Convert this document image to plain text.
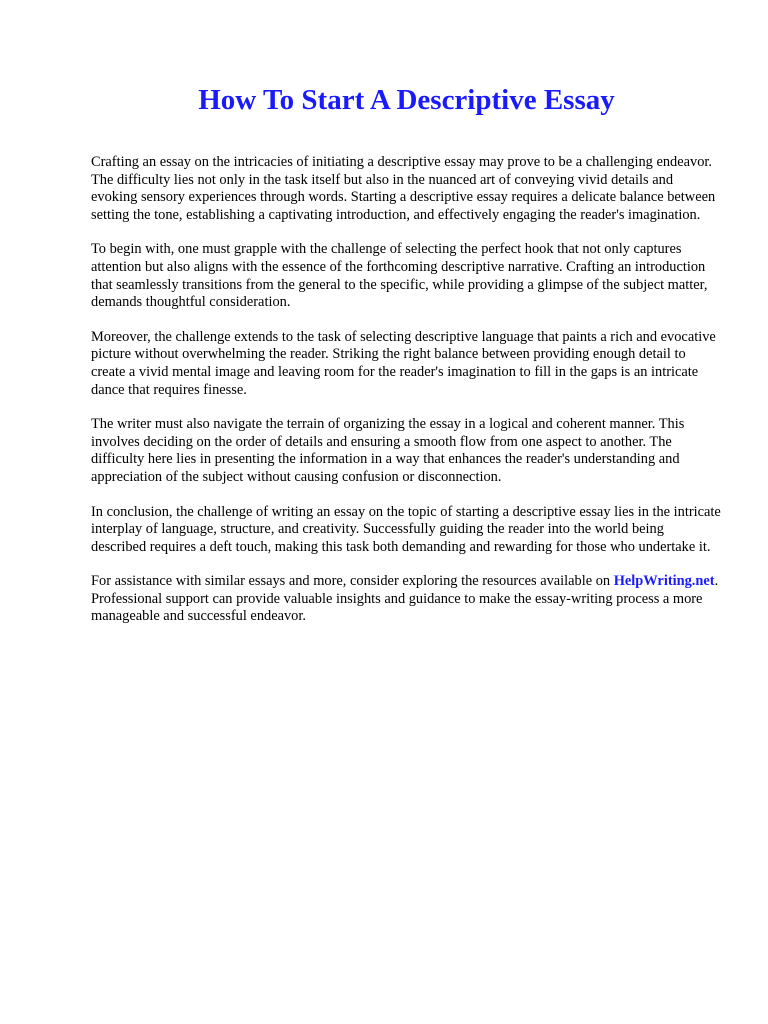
How To Start A Descriptive Essay

Crafting an essay on the intricacies of initiating a descriptive essay may prove to be a challenging endeavor. The difficulty lies not only in the task itself but also in the nuanced art of conveying vivid details and evoking sensory experiences through words. Starting a descriptive essay requires a delicate balance between setting the tone, establishing a captivating introduction, and effectively engaging the reader's imagination.

To begin with, one must grapple with the challenge of selecting the perfect hook that not only captures attention but also aligns with the essence of the forthcoming descriptive narrative. Crafting an introduction that seamlessly transitions from the general to the specific, while providing a glimpse of the subject matter, demands thoughtful consideration.

Moreover, the challenge extends to the task of selecting descriptive language that paints a rich and evocative picture without overwhelming the reader. Striking the right balance between providing enough detail to create a vivid mental image and leaving room for the reader's imagination to fill in the gaps is an intricate dance that requires finesse.

The writer must also navigate the terrain of organizing the essay in a logical and coherent manner. This involves deciding on the order of details and ensuring a smooth flow from one aspect to another. The difficulty here lies in presenting the information in a way that enhances the reader's understanding and appreciation of the subject without causing confusion or disconnection.

In conclusion, the challenge of writing an essay on the topic of starting a descriptive essay lies in the intricate interplay of language, structure, and creativity. Successfully guiding the reader into the world being described requires a deft touch, making this task both demanding and rewarding for those who undertake it.

For assistance with similar essays and more, consider exploring the resources available on HelpWriting.net. Professional support can provide valuable insights and guidance to make the essay-writing process a more manageable and successful endeavor.
